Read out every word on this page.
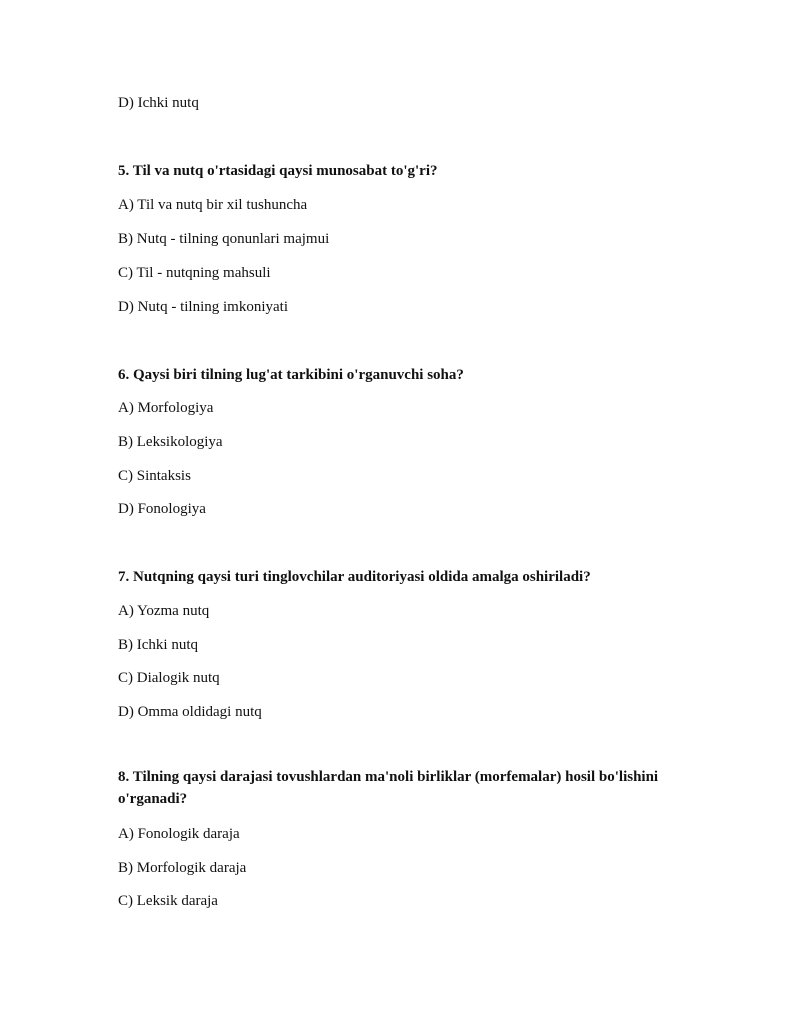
D) Ichki nutq
5. Til va nutq o'rtasidagi qaysi munosabat to'g'ri?
A) Til va nutq bir xil tushuncha
B) Nutq - tilning qonunlari majmui
C) Til - nutqning mahsuli
D) Nutq - tilning imkoniyati
6. Qaysi biri tilning lug'at tarkibini o'rganuvchi soha?
A) Morfologiya
B) Leksikologiya
C) Sintaksis
D) Fonologiya
7. Nutqning qaysi turi tinglovchilar auditoriyasi oldida amalga oshiriladi?
A) Yozma nutq
B) Ichki nutq
C) Dialogik nutq
D) Omma oldidagi nutq
8. Tilning qaysi darajasi tovushlardan ma'noli birliklar (morfemalar) hosil bo'lishini o'rganadi?
A) Fonologik daraja
B) Morfologik daraja
C) Leksik daraja
